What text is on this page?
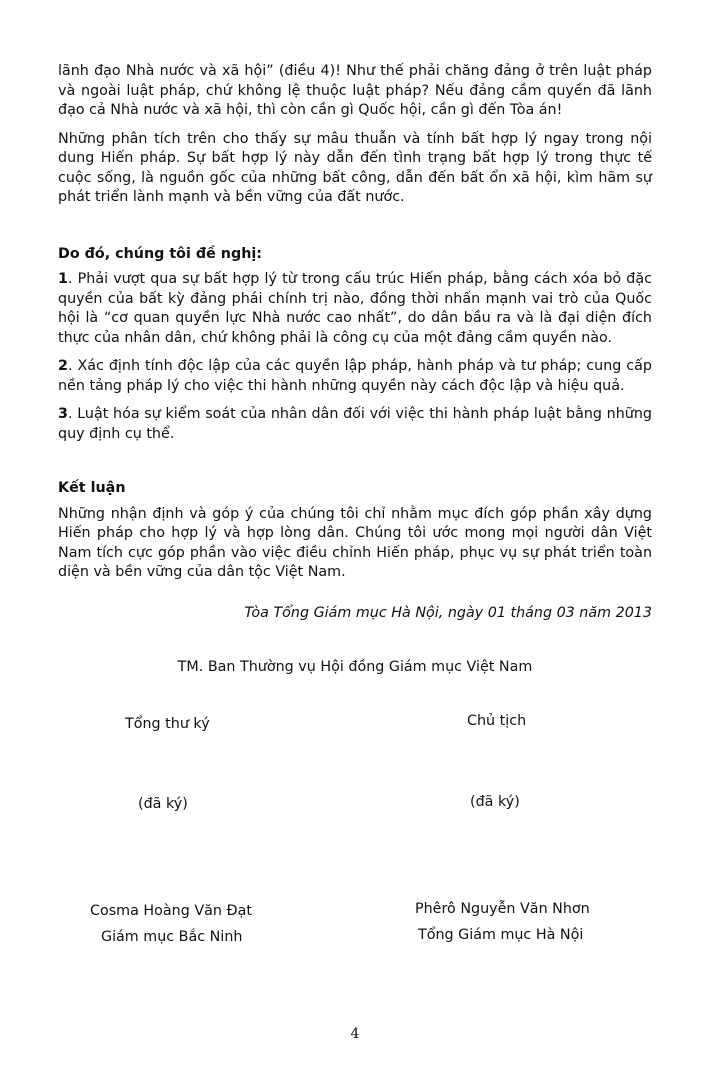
lãnh đạo Nhà nước và xã hội” (điều 4)! Như thế phải chăng đảng ở trên luật pháp và ngoài luật pháp, chứ không lệ thuộc luật pháp? Nếu đảng cầm quyền đã lãnh đạo cả Nhà nước và xã hội, thì còn cần gì Quốc hội, cần gì đến Tòa án!

Những phân tích trên cho thấy sự mâu thuẫn và tính bất hợp lý ngay trong nội dung Hiến pháp. Sự bất hợp lý này dẫn đến tình trạng bất hợp lý trong thực tế cuộc sống, là nguồn gốc của những bất công, dẫn đến bất ổn xã hội, kìm hãm sự phát triển lành mạnh và bền vững của đất nước.

Do đó, chúng tôi đề nghị:

1. Phải vượt qua sự bất hợp lý từ trong cấu trúc Hiến pháp, bằng cách xóa bỏ đặc quyền của bất kỳ đảng phái chính trị nào, đồng thời nhấn mạnh vai trò của Quốc hội là “cơ quan quyền lực Nhà nước cao nhất”, do dân bầu ra và là đại diện đích thực của nhân dân, chứ không phải là công cụ của một đảng cầm quyền nào.

2. Xác định tính độc lập của các quyền lập pháp, hành pháp và tư pháp; cung cấp nền tảng pháp lý cho việc thi hành những quyền này cách độc lập và hiệu quả.

3. Luật hóa sự kiểm soát của nhân dân đối với việc thi hành pháp luật bằng những quy định cụ thể.

Kết luận

Những nhận định và góp ý của chúng tôi chỉ nhằm mục đích góp phần xây dựng Hiến pháp cho hợp lý và hợp lòng dân. Chúng tôi ước mong mọi người dân Việt Nam tích cực góp phần vào việc điều chỉnh Hiến pháp, phục vụ sự phát triển toàn diện và bền vững của dân tộc Việt Nam.

Tòa Tổng Giám mục Hà Nội, ngày 01 tháng 03 năm 2013
TM. Ban Thường vụ Hội đồng Giám mục Việt Nam
Tổng thư ký	Chủ tịch
(đã ký)	(đã ký)
Cosma Hoàng Văn Đạt	Phêrô Nguyễn Văn Nhơn
Giám mục Bắc Ninh	Tổng Giám mục Hà Nội
4
